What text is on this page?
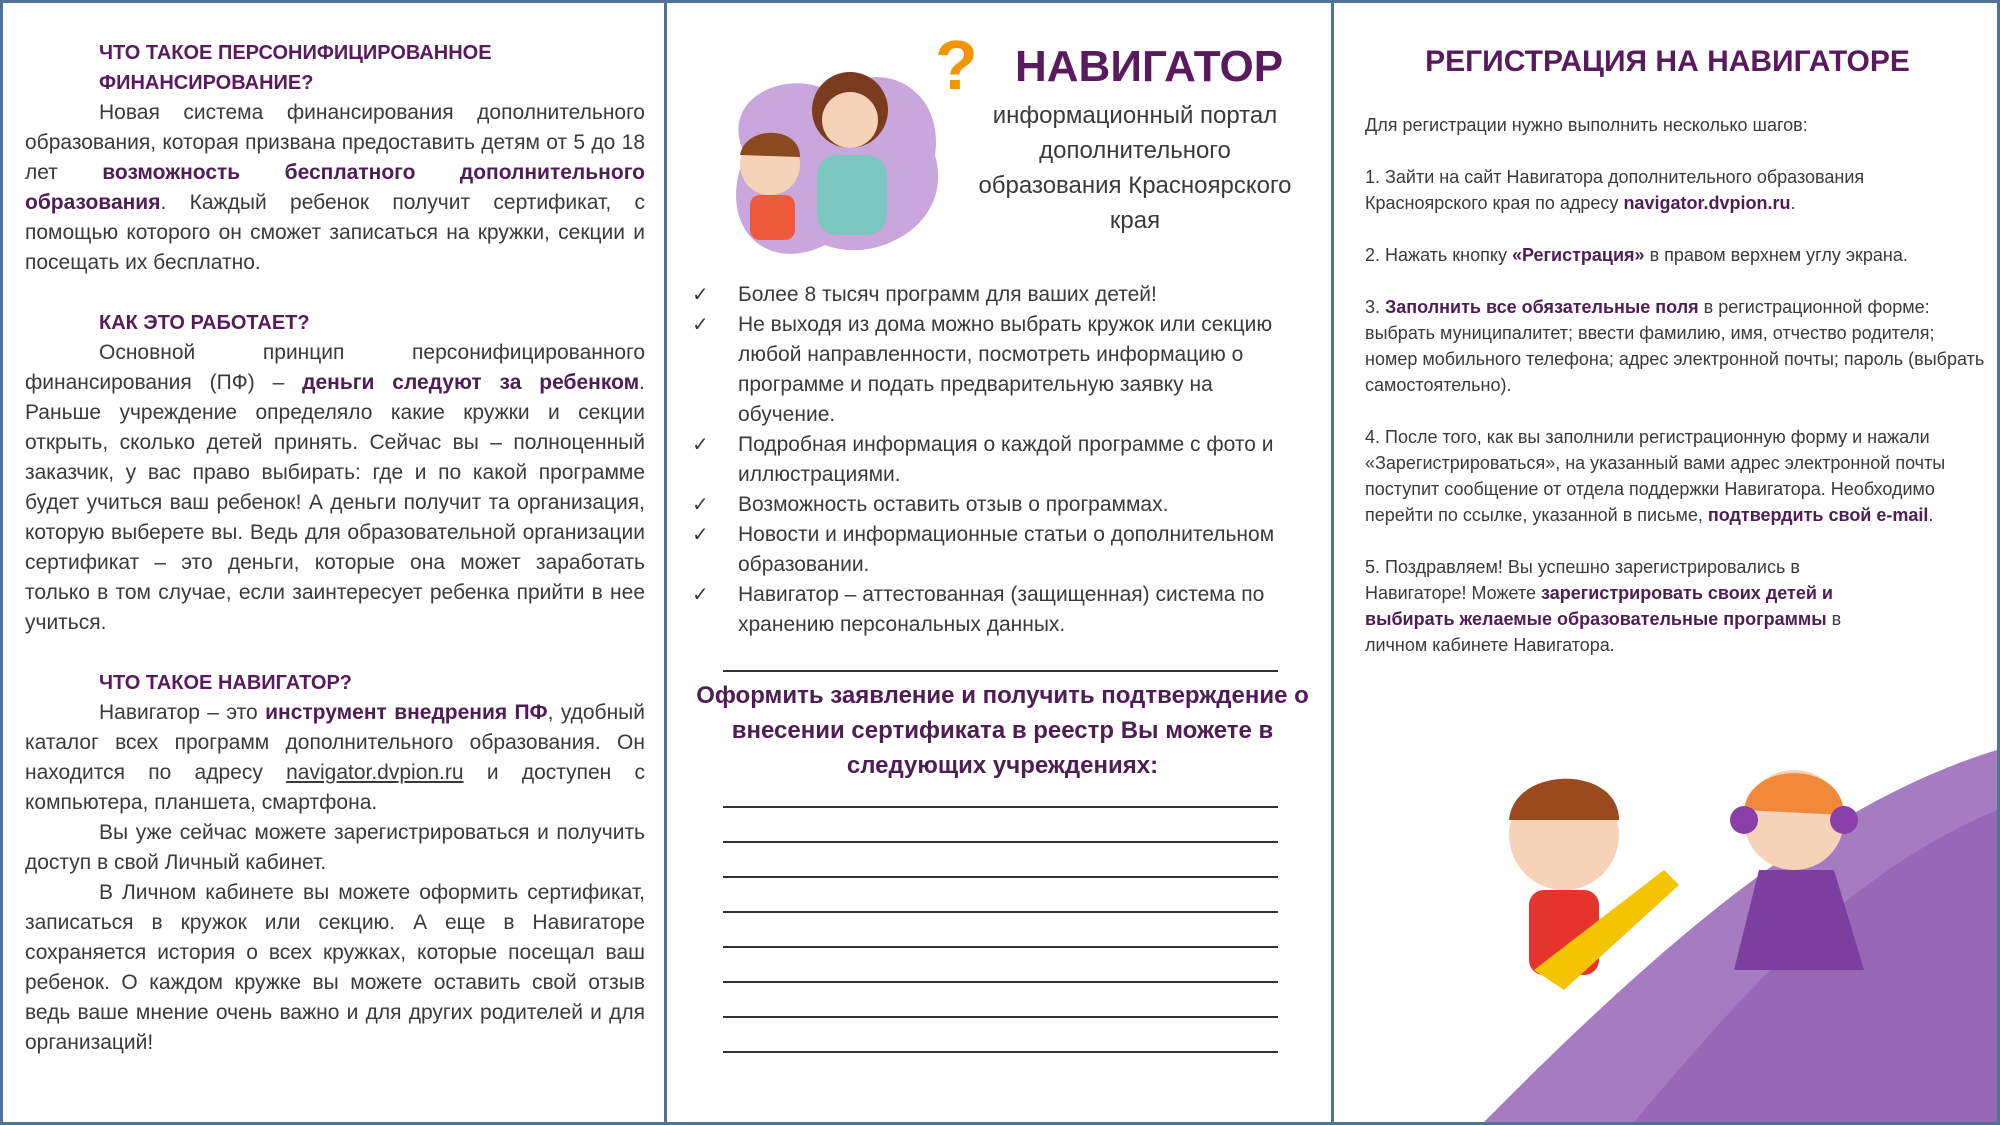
ЧТО ТАКОЕ ПЕРСОНИФИЦИРОВАННОЕ ФИНАНСИРОВАНИЕ?

Новая система финансирования дополнительного образования, которая призвана предоставить детям от 5 до 18 лет возможность бесплатного дополнительного образования. Каждый ребенок получит сертификат, с помощью которого он сможет записаться на кружки, секции и посещать их бесплатно.

КАК ЭТО РАБОТАЕТ?

Основной принцип персонифицированного финансирования (ПФ) – деньги следуют за ребенком. Раньше учреждение определяло какие кружки и секции открыть, сколько детей принять. Сейчас вы – полноценный заказчик, у вас право выбирать: где и по какой программе будет учиться ваш ребенок! А деньги получит та организация, которую выберете вы. Ведь для образовательной организации сертификат – это деньги, которые она может заработать только в том случае, если заинтересует ребенка прийти в нее учиться.

ЧТО ТАКОЕ НАВИГАТОР?

Навигатор – это инструмент внедрения ПФ, удобный каталог всех программ дополнительного образования. Он находится по адресу navigator.dvpion.ru и доступен с компьютера, планшета, смартфона.

Вы уже сейчас можете зарегистрироваться и получить доступ в свой Личный кабинет.

В Личном кабинете вы можете оформить сертификат, записаться в кружок или секцию. А еще в Навигаторе сохраняется история о всех кружках, которые посещал ваш ребенок. О каждом кружке вы можете оставить свой отзыв ведь ваше мнение очень важно и для других родителей и для организаций!

? НАВИГАТОР
информационный портал дополнительного образования Красноярского края
✓ Более 8 тысяч программ для ваших детей!
✓ Не выходя из дома можно выбрать кружок или секцию любой направленности, посмотреть информацию о программе и подать предварительную заявку на обучение.
✓ Подробная информация о каждой программе с фото и иллюстрациями.
✓ Возможность оставить отзыв о программах.
✓ Новости и информационные статьи о дополнительном образовании.
✓ Навигатор – аттестованная (защищенная) система по хранению персональных данных.
Оформить заявление и получить подтверждение о внесении сертификата в реестр Вы можете в следующих учреждениях:
РЕГИСТРАЦИЯ НА НАВИГАТОРЕ

Для регистрации нужно выполнить несколько шагов:

1. Зайти на сайт Навигатора дополнительного образования Красноярского края по адресу navigator.dvpion.ru.

2. Нажать кнопку «Регистрация» в правом верхнем углу экрана.

3. Заполнить все обязательные поля в регистрационной форме: выбрать муниципалитет; ввести фамилию, имя, отчество родителя; номер мобильного телефона; адрес электронной почты; пароль (выбрать самостоятельно).

4. После того, как вы заполнили регистрационную форму и нажали «Зарегистрироваться», на указанный вами адрес электронной почты поступит сообщение от отдела поддержки Навигатора. Необходимо перейти по ссылке, указанной в письме, подтвердить свой e-mail.

5. Поздравляем! Вы успешно зарегистрировались в Навигаторе! Можете зарегистрировать своих детей и выбирать желаемые образовательные программы в личном кабинете Навигатора.
